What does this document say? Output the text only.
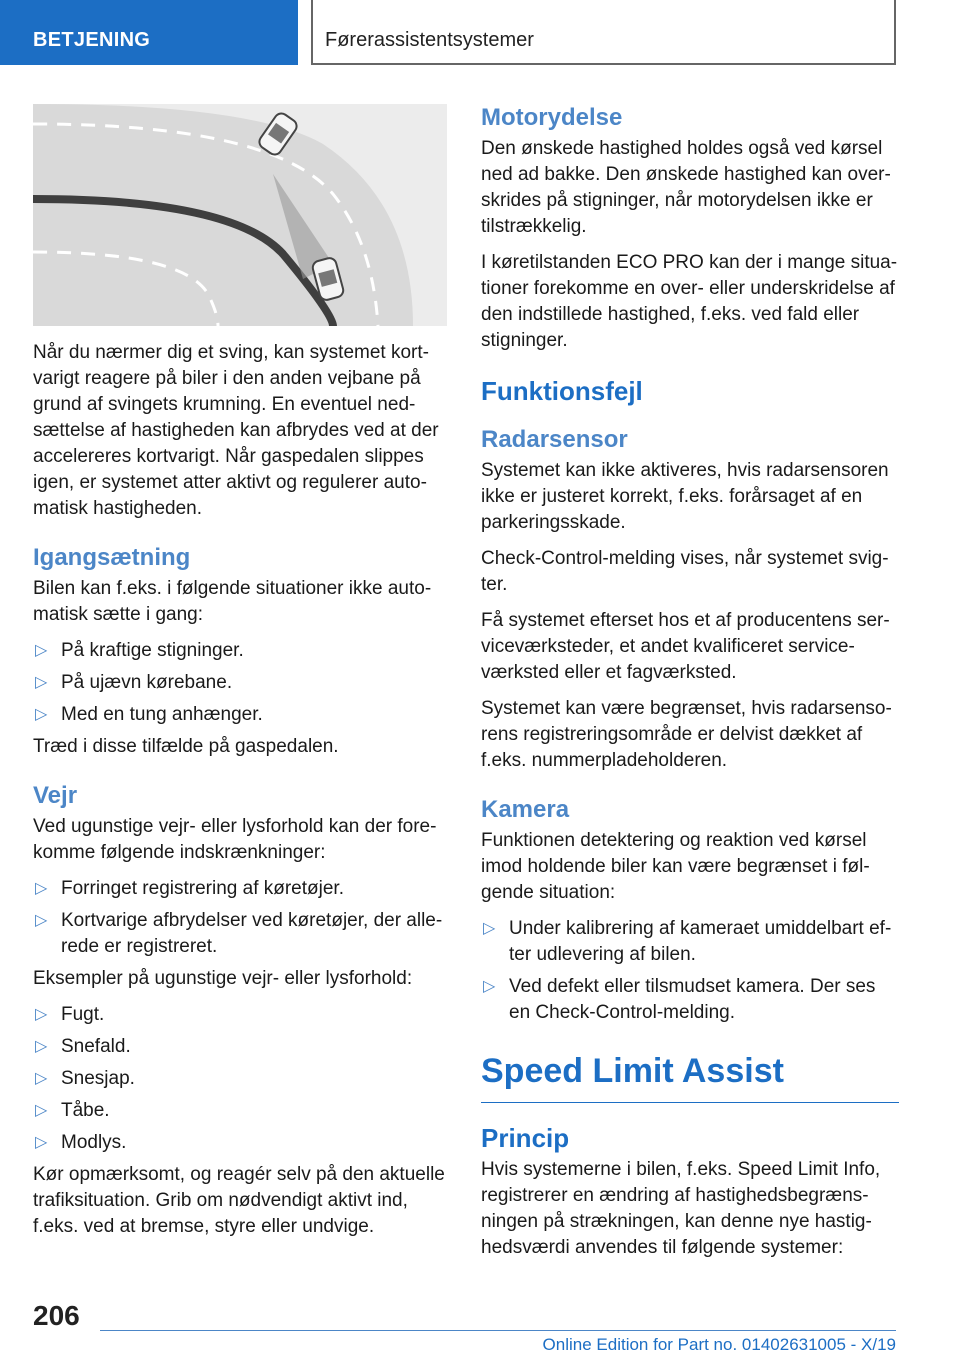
BETJENING	Førerassistentsystemer

Når du nærmer dig et sving, kan systemet kortvarigt reagere på biler i den anden vejbane på grund af svingets krumning. En eventuel nedsættelse af hastigheden kan afbrydes ved at der accelereres kortvarigt. Når gaspedalen slippes igen, er systemet atter aktivt og regulerer automatisk hastigheden.

Igangsætning

Bilen kan f.eks. i følgende situationer ikke automatisk sætte i gang:

▷ På kraftige stigninger.
▷ På ujævn kørebane.
▷ Med en tung anhænger.

Træd i disse tilfælde på gaspedalen.

Vejr

Ved ugunstige vejr- eller lysforhold kan der forekomme følgende indskrænkninger:

▷ Forringet registrering af køretøjer.
▷ Kortvarige afbrydelser ved køretøjer, der allerede er registreret.

Eksempler på ugunstige vejr- eller lysforhold:

▷ Fugt.
▷ Snefald.
▷ Snesjap.
▷ Tåbe.
▷ Modlys.

Kør opmærksomt, og reagér selv på den aktuelle trafiksituation. Grib om nødvendigt aktivt ind, f.eks. ved at bremse, styre eller undvige.

Motorydelse

Den ønskede hastighed holdes også ved kørsel ned ad bakke. Den ønskede hastighed kan overskrides på stigninger, når motorydelsen ikke er tilstrækkelig.

I køretilstanden ECO PRO kan der i mange situationer forekomme en over- eller underskridelse af den indstillede hastighed, f.eks. ved fald eller stigninger.

Funktionsfejl
Radarsensor

Systemet kan ikke aktiveres, hvis radarsensoren ikke er justeret korrekt, f.eks. forårsaget af en parkeringsskade.

Check-Control-melding vises, når systemet svigter.

Få systemet efterset hos et af producentens serviceværksteder, et andet kvalificeret serviceværksted eller et fagværksted.

Systemet kan være begrænset, hvis radarsensorens registreringsområde er delvist dækket af f.eks. nummerpladeholderen.

Kamera

Funktionen detektering og reaktion ved kørsel imod holdende biler kan være begrænset i følgende situation:

▷ Under kalibrering af kameraet umiddelbart efter udlevering af bilen.
▷ Ved defekt eller tilsmudset kamera. Der ses en Check-Control-melding.
Speed Limit Assist
Princip

Hvis systemerne i bilen, f.eks. Speed Limit Info, registrerer en ændring af hastighedsbegrænsningen på strækningen, kan denne nye hastighedsværdi anvendes til følgende systemer:

206
Online Edition for Part no. 01402631005 - X/19
